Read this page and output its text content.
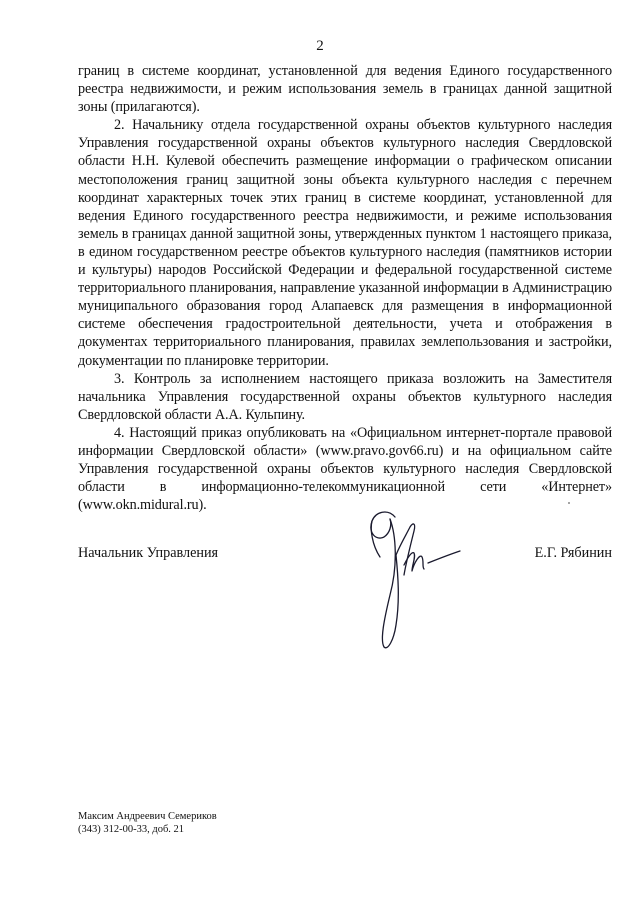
2

границ в системе координат, установленной для ведения Единого государственного реестра недвижимости, и режим использования земель в границах данной защитной зоны (прилагаются).

2. Начальнику отдела государственной охраны объектов культурного наследия Управления государственной охраны объектов культурного наследия Свердловской области Н.Н. Кулевой обеспечить размещение информации о графическом описании местоположения границ защитной зоны объекта культурного наследия с перечнем координат характерных точек этих границ в системе координат, установленной для ведения Единого государственного реестра недвижимости, и режиме использования земель в границах данной защитной зоны, утвержденных пунктом 1 настоящего приказа, в едином государственном реестре объектов культурного наследия (памятников истории и культуры) народов Российской Федерации и федеральной государственной системе территориального планирования, направление указанной информации в Администрацию муниципального образования город Алапаевск для размещения в информационной системе обеспечения градостроительной деятельности, учета и отображения в документах территориального планирования, правилах землепользования и застройки, документации по планировке территории.

3. Контроль за исполнением настоящего приказа возложить на Заместителя начальника Управления государственной охраны объектов культурного наследия Свердловской области А.А. Кульпину.

4. Настоящий приказ опубликовать на «Официальном интернет-портале правовой информации Свердловской области» (www.pravo.gov66.ru) и на официальном сайте Управления государственной охраны объектов культурного наследия Свердловской области в информационно-телекоммуникационной сети «Интернет» (www.okn.midural.ru).

Начальник Управления	Е.Г. Рябинин
Максим Андреевич Семериков
(343) 312-00-33, доб. 21
